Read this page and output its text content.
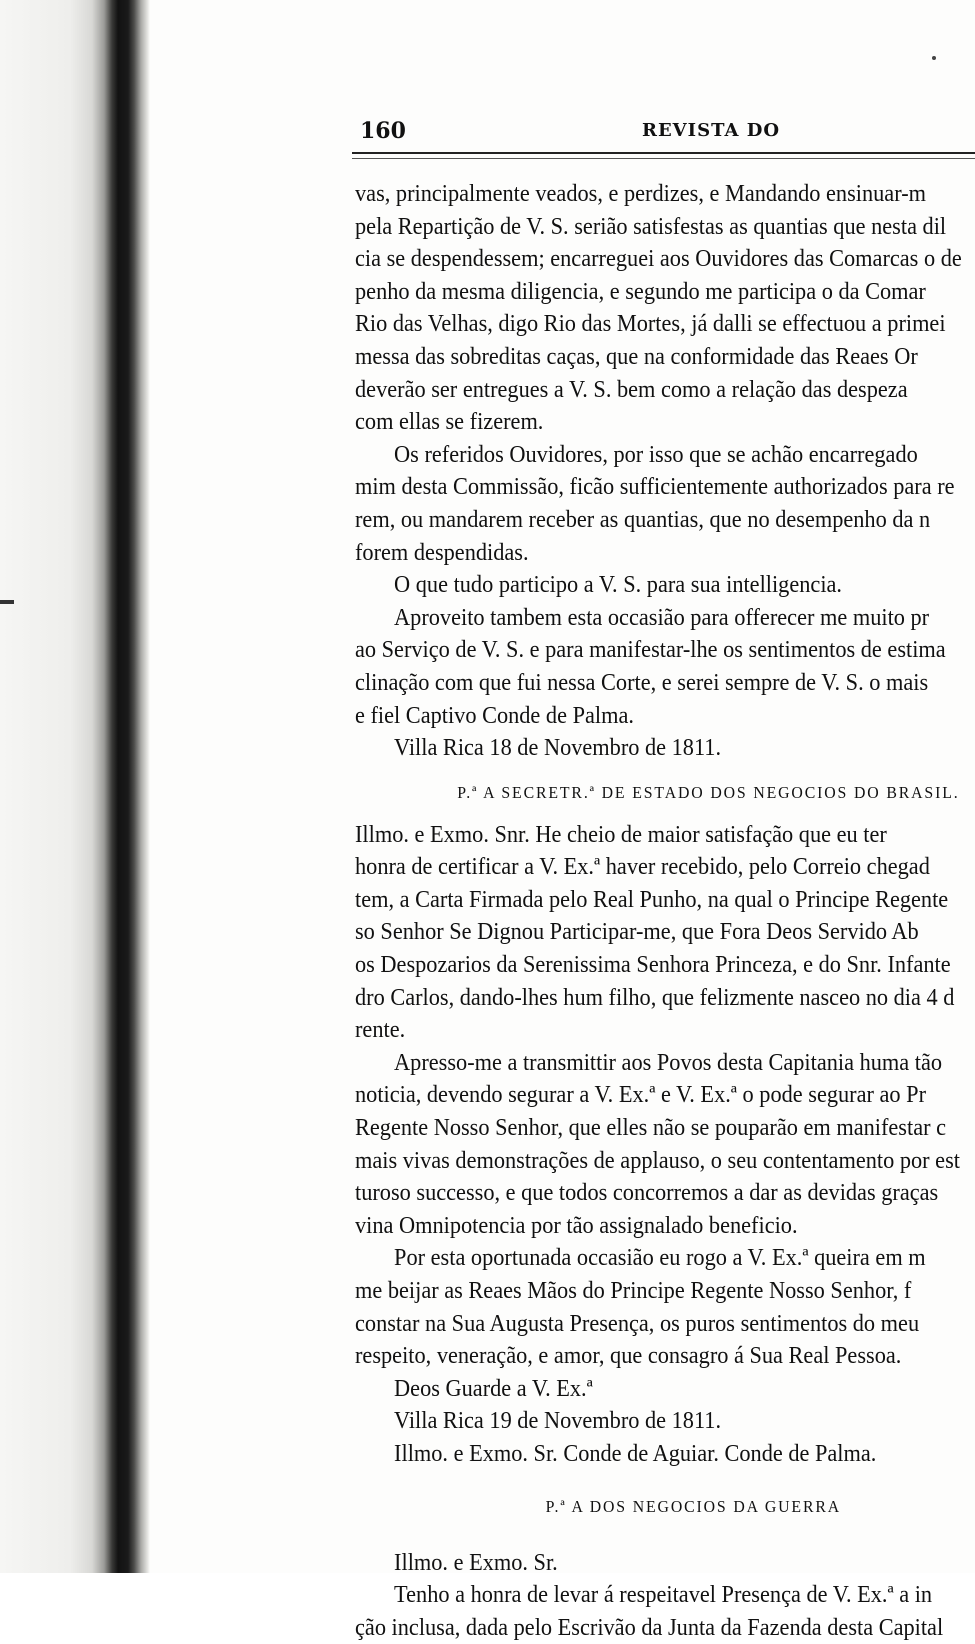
160	REVISTA DO
vas, principalmente veados, e perdizes, e Mandando ensinuar-m
pela Repartição de V. S. serião satisfestas as quantias que nesta dil
cia se despendessem; encarreguei aos Ouvidores das Comarcas o de
penho da mesma diligencia, e segundo me participa o da Comar
Rio das Velhas, digo Rio das Mortes, já dalli se effectuou a primei
messa das sobreditas caças, que na conformidade das Reaes Or
deverão ser entregues a V. S. bem como a relação das despeza
com ellas se fizerem.
Os referidos Ouvidores, por isso que se achão encarregado
mim desta Commissão, ficão sufficientemente authorizados para re
rem, ou mandarem receber as quantias, que no desempenho da n
forem despendidas.
O que tudo participo a V. S. para sua intelligencia.
Aproveito tambem esta occasião para offerecer me muito pr
ao Serviço de V. S. e para manifestar-lhe os sentimentos de estima
clinação com que fui nessa Corte, e serei sempre de V. S. o mais
e fiel Captivo Conde de Palma.
Villa Rica 18 de Novembro de 1811.
P.ª A SECRETR.ª DE ESTADO DOS NEGOCIOS DO BRASIL.
Illmo. e Exmo. Snr. He cheio de maior satisfação que eu ter
honra de certificar a V. Ex.ª haver recebido, pelo Correio chegad
tem, a Carta Firmada pelo Real Punho, na qual o Principe Regente
so Senhor Se Dignou Participar-me, que Fora Deos Servido Ab
os Despozarios da Serenissima Senhora Princeza, e do Snr. Infante
dro Carlos, dando-lhes hum filho, que felizmente nasceo no dia 4 d
rente.
Apresso-me a transmittir aos Povos desta Capitania huma tão
noticia, devendo segurar a V. Ex.ª e V. Ex.ª o pode segurar ao Pr
Regente Nosso Senhor, que elles não se pouparão em manifestar c
mais vivas demonstrações de applauso, o seu contentamento por est
turoso successo, e que todos concorremos a dar as devidas graças
vina Omnipotencia por tão assignalado beneficio.
Por esta oportunada occasião eu rogo a V. Ex.ª queira em m
me beijar as Reaes Mãos do Principe Regente Nosso Senhor, f
constar na Sua Augusta Presença, os puros sentimentos do meu
respeito, veneração, e amor, que consagro á Sua Real Pessoa.
Deos Guarde a V. Ex.ª
Villa Rica 19 de Novembro de 1811.
Illmo. e Exmo. Sr. Conde de Aguiar. Conde de Palma.
P.ª A DOS NEGOCIOS DA GUERRA
Illmo. e Exmo. Sr.
Tenho a honra de levar á respeitavel Presença de V. Ex.ª a in
ção inclusa, dada pelo Escrivão da Junta da Fazenda desta Capital
